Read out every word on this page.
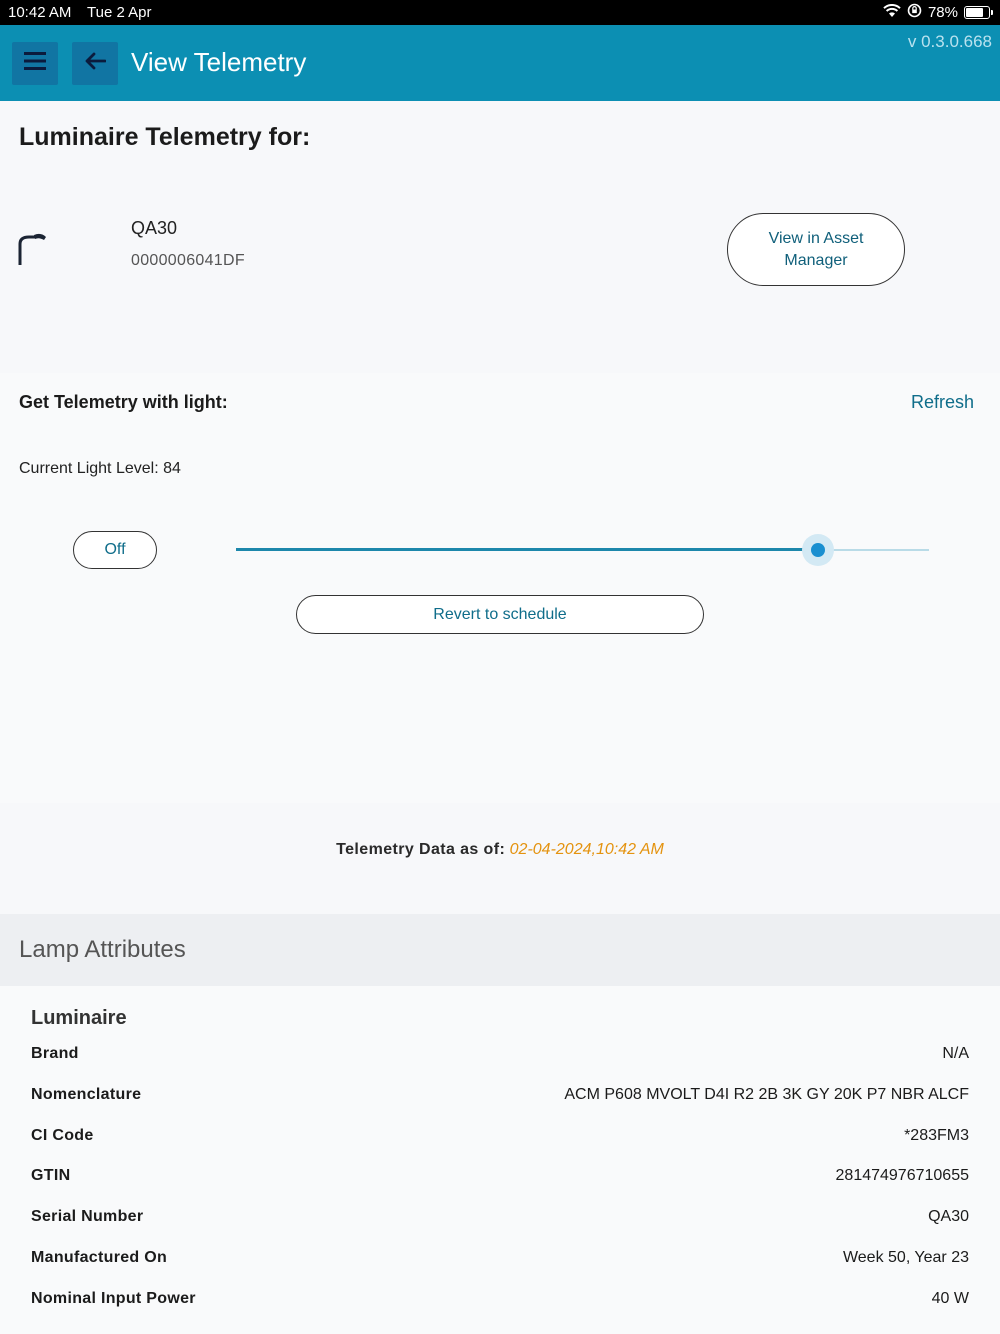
10:42 AM Tue 2 Apr	78%
View Telemetry
v 0.3.0.668
Luminaire Telemetry for:
QA30
0000006041DF
View in Asset Manager
Get Telemetry with light:	Refresh
Current Light Level: 84
Off
Revert to schedule
Telemetry Data as of: 02-04-2024,10:42 AM
Lamp Attributes
Luminaire
Brand	N/A
Nomenclature	ACM P608 MVOLT D4I R2 2B 3K GY 20K P7 NBR ALCF
CI Code	*283FM3
GTIN	281474976710655
Serial Number	QA30
Manufactured On	Week 50, Year 23
Nominal Input Power	40 W
